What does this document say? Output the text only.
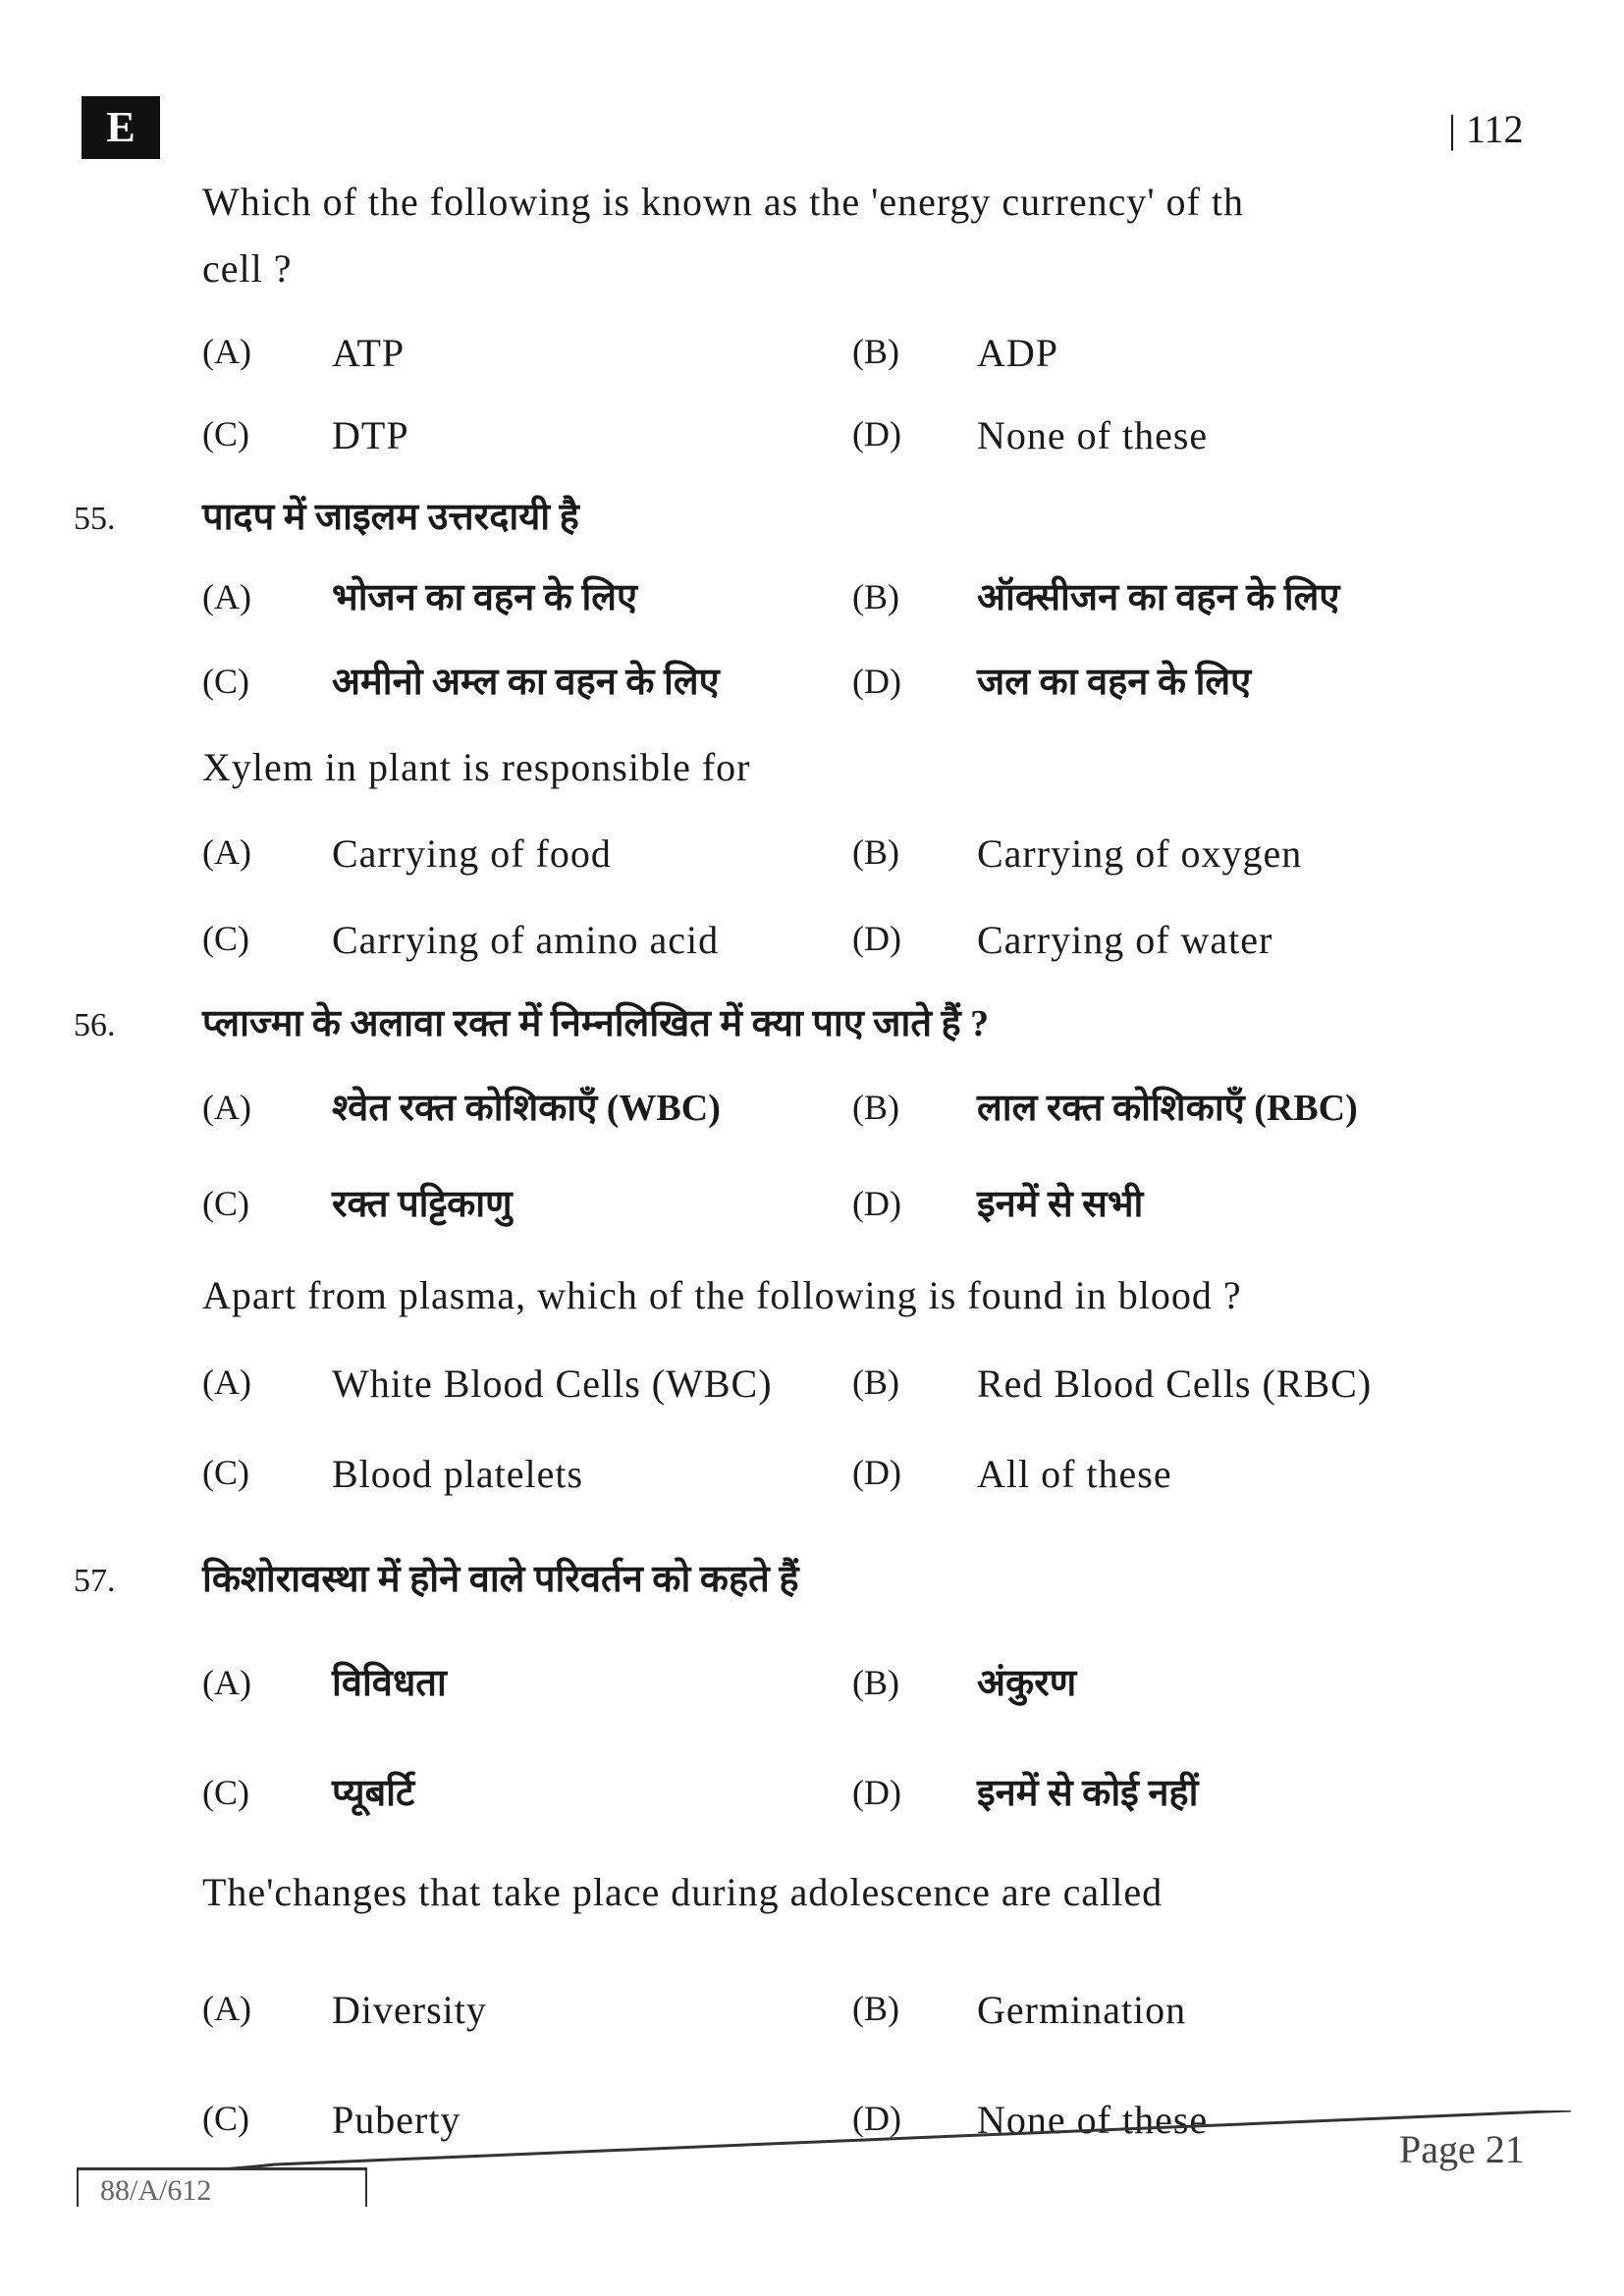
E	| 112
Which of the following is known as the 'energy currency' of th
cell ?
(A) ATP	(B) ADP
(C) DTP	(D) None of these
55. पादप में जाइलम उत्तरदायी है
(A) भोजन का वहन के लिए	(B) ऑक्सीजन का वहन के लिए
(C) अमीनो अम्ल का वहन के लिए	(D) जल का वहन के लिए
Xylem in plant is responsible for
(A) Carrying of food	(B) Carrying of oxygen
(C) Carrying of amino acid	(D) Carrying of water
56. प्लाज्मा के अलावा रक्त में निम्नलिखित में क्या पाए जाते हैं ?
(A) श्वेत रक्त कोशिकाएँ (WBC)	(B) लाल रक्त कोशिकाएँ (RBC)
(C) रक्त पट्टिकाणु	(D) इनमें से सभी
Apart from plasma, which of the following is found in blood ?
(A) White Blood Cells (WBC) (B) Red Blood Cells (RBC)
(C) Blood platelets	(D) All of these
57. किशोरावस्था में होने वाले परिवर्तन को कहते हैं
(A) विविधता	(B) अंकुरण
(C) प्यूबर्टि	(D) इनमें से कोई नहीं
The'changes that take place during adolescence are called
(A) Diversity	(B) Germination
(C) Puberty	(D) None of these
Page 21
88/A/612
